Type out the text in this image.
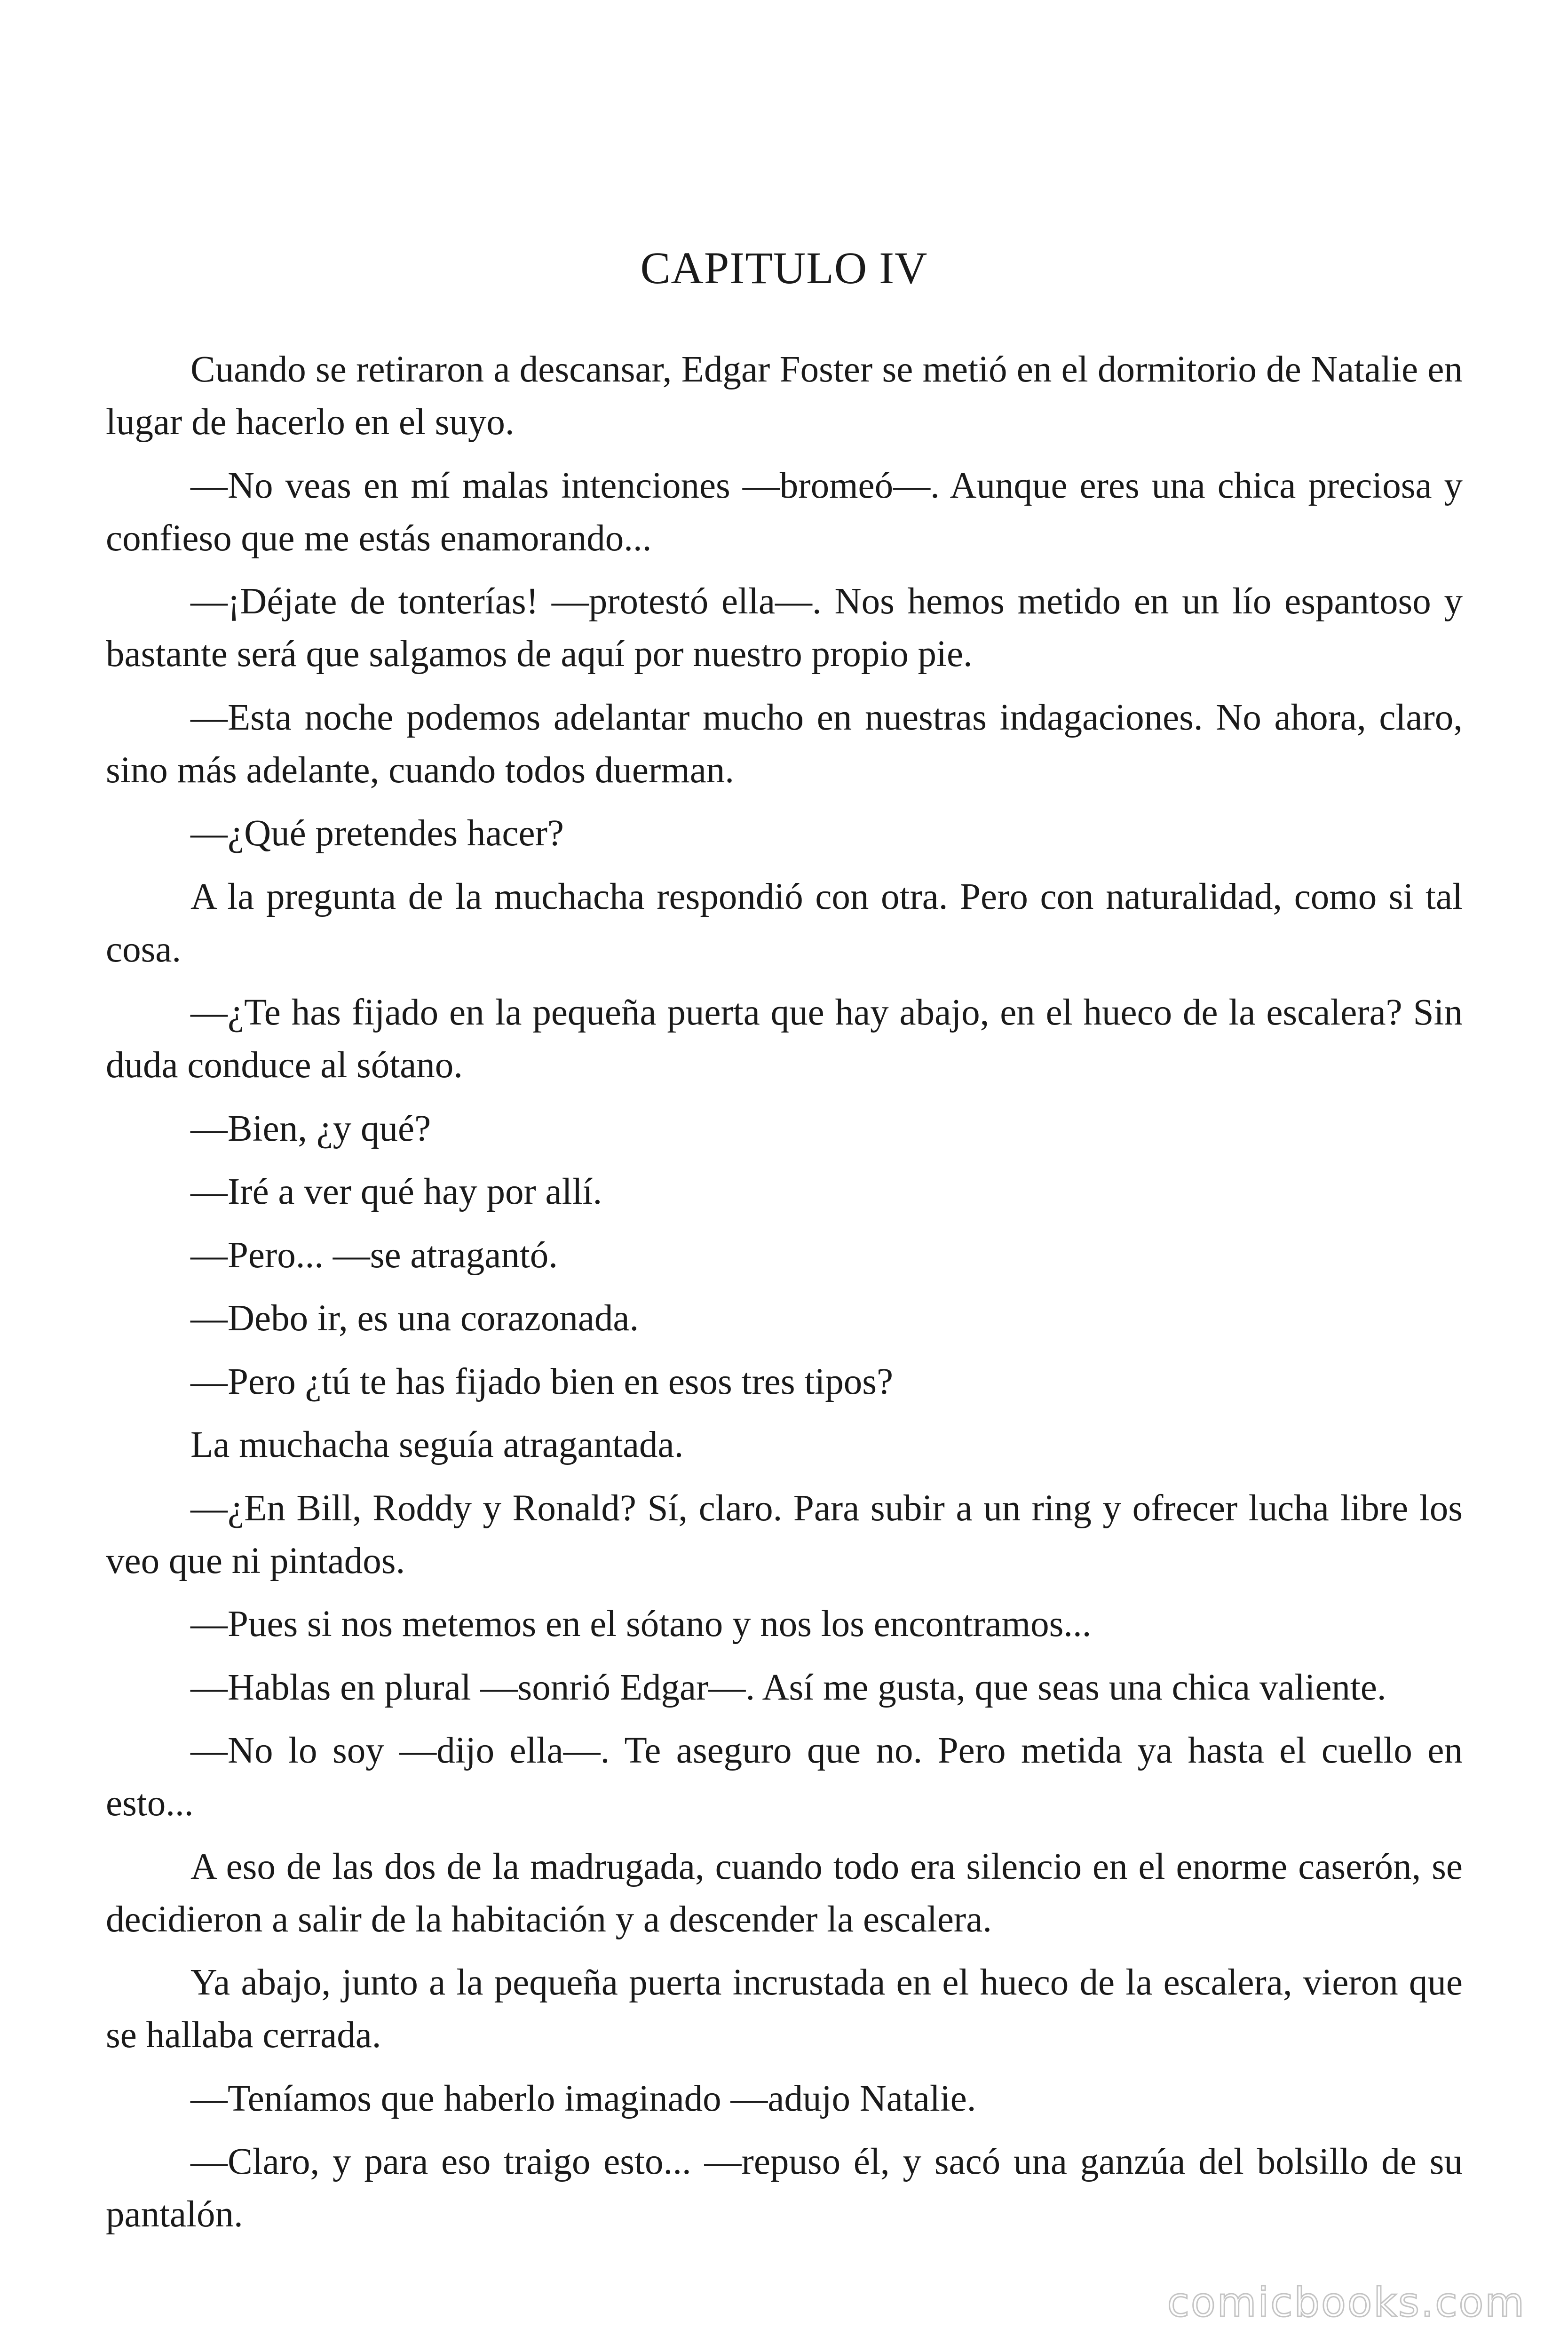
CAPITULO IV

Cuando se retiraron a descansar, Edgar Foster se metió en el dormitorio de Natalie en lugar de hacerlo en el suyo.

—No veas en mí malas intenciones —bromeó—. Aunque eres una chica preciosa y confieso que me estás enamorando...

—¡Déjate de tonterías! —protestó ella—. Nos hemos metido en un lío espantoso y bastante será que salgamos de aquí por nuestro propio pie.

—Esta noche podemos adelantar mucho en nuestras indagaciones. No ahora, claro, sino más adelante, cuando todos duerman.

—¿Qué pretendes hacer?

A la pregunta de la muchacha respondió con otra. Pero con naturalidad, como si tal cosa.

—¿Te has fijado en la pequeña puerta que hay abajo, en el hueco de la escalera? Sin duda conduce al sótano.

—Bien, ¿y qué?

—Iré a ver qué hay por allí.

—Pero... —se atragantó.

—Debo ir, es una corazonada.

—Pero ¿tú te has fijado bien en esos tres tipos?

La muchacha seguía atragantada.

—¿En Bill, Roddy y Ronald? Sí, claro. Para subir a un ring y ofrecer lucha libre los veo que ni pintados.

—Pues si nos metemos en el sótano y nos los encontramos...

—Hablas en plural —sonrió Edgar—. Así me gusta, que seas una chica valiente.

—No lo soy —dijo ella—. Te aseguro que no. Pero metida ya hasta el cuello en esto...

A eso de las dos de la madrugada, cuando todo era silencio en el enorme caserón, se decidieron a salir de la habitación y a descender la escalera.

Ya abajo, junto a la pequeña puerta incrustada en el hueco de la escalera, vieron que se hallaba cerrada.

—Teníamos que haberlo imaginado —adujo Natalie.

—Claro, y para eso traigo esto... —repuso él, y sacó una ganzúa del bolsillo de su pantalón.

comicbooks.com
